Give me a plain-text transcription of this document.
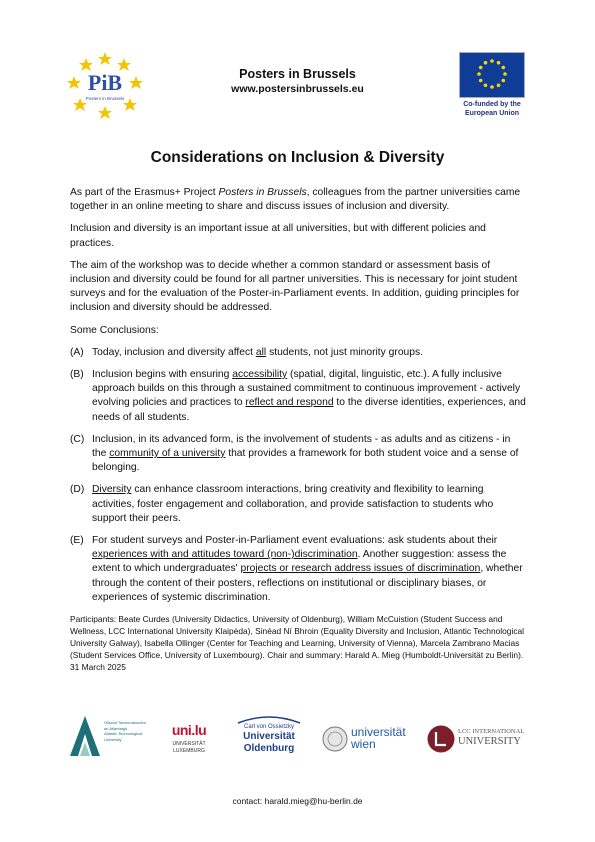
PiB
Posters in Brussels
Posters in Brussels
www.postersinbrussels.eu
Co-funded by the
European Union
Considerations on Inclusion & Diversity

As part of the Erasmus+ Project Posters in Brussels, colleagues from the partner universities came together in an online meeting to share and discuss issues of inclusion and diversity.

Inclusion and diversity is an important issue at all universities, but with different policies and practices.

The aim of the workshop was to decide whether a common standard or assessment basis of inclusion and diversity could be found for all partner universities. This is necessary for joint student surveys and for the evaluation of the Poster-in-Parliament events. In addition, guiding principles for inclusion and diversity should be addressed.

Some Conclusions:

(A) Today, inclusion and diversity affect all students, not just minority groups.
(B) Inclusion begins with ensuring accessibility (spatial, digital, linguistic, etc.). A fully inclusive approach builds on this through a sustained commitment to continuous improvement - actively evolving policies and practices to reflect and respond to the diverse identities, experiences, and needs of all students.
(C) Inclusion, in its advanced form, is the involvement of students - as adults and as citizens - in the community of a university that provides a framework for both student voice and a sense of belonging.
(D) Diversity can enhance classroom interactions, bring creativity and flexibility to learning activities, foster engagement and collaboration, and provide satisfaction to students who support their peers.
(E) For student surveys and Poster-in-Parliament event evaluations: ask students about their experiences with and attitudes toward (non-)discrimination. Another suggestion: assess the extent to which undergraduates' projects or research address issues of discrimination, whether through the content of their posters, reflections on institutional or disciplinary biases, or experiences of systemic discrimination.
Participants: Beate Curdes (University Didactics, University of Oldenburg), William McCuistion (Student Success and Wellness, LCC International University Klaipėda), Sinéad Ní Bhroin (Equality Diversity and Inclusion, Atlantic Technological University Galway), Isabella Ollinger (Center for Teaching and Learning, University of Vienna), Marcela Zambrano Macias (Student Services Office, University of Luxembourg). Chair and summary: Harald A. Mieg (Humboldt-Universität zu Berlin). 31 March 2025
Ollscoil Teicneolaíochta an Atlantaigh
Atlantic Technological University
uni.lu
UNIVERSITÄT
LUXEMBURG
Carl von Ossietzky
Universität
Oldenburg
universität
wien
LCC INTERNATIONAL
UNIVERSITY
contact: harald.mieg@hu-berlin.de
